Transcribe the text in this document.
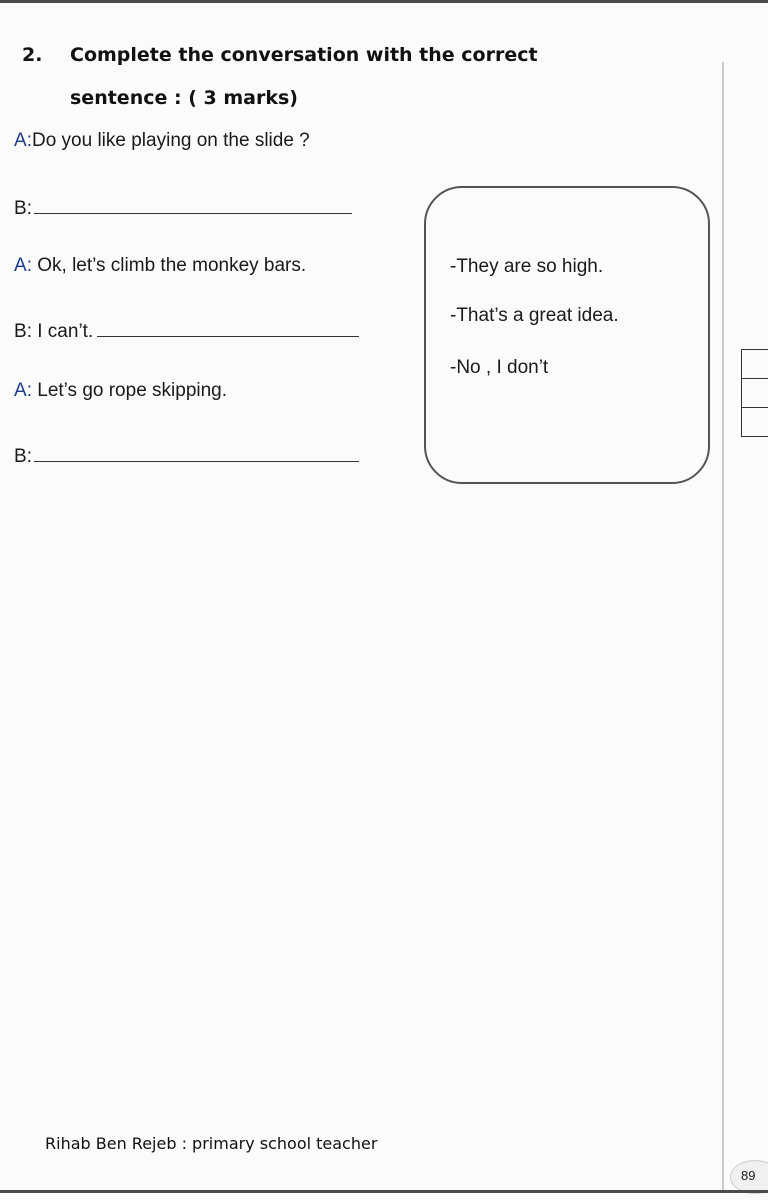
2. Complete the conversation with the correct
sentence : ( 3 marks)
A:Do you like playing on the slide ?
B:
A: Ok, let’s climb the monkey bars.
B: I can’t.
A: Let’s go rope skipping.
B:
-They are so high.
-That’s a great idea.
-No , I don’t
Rihab Ben Rejeb : primary school teacher
89
